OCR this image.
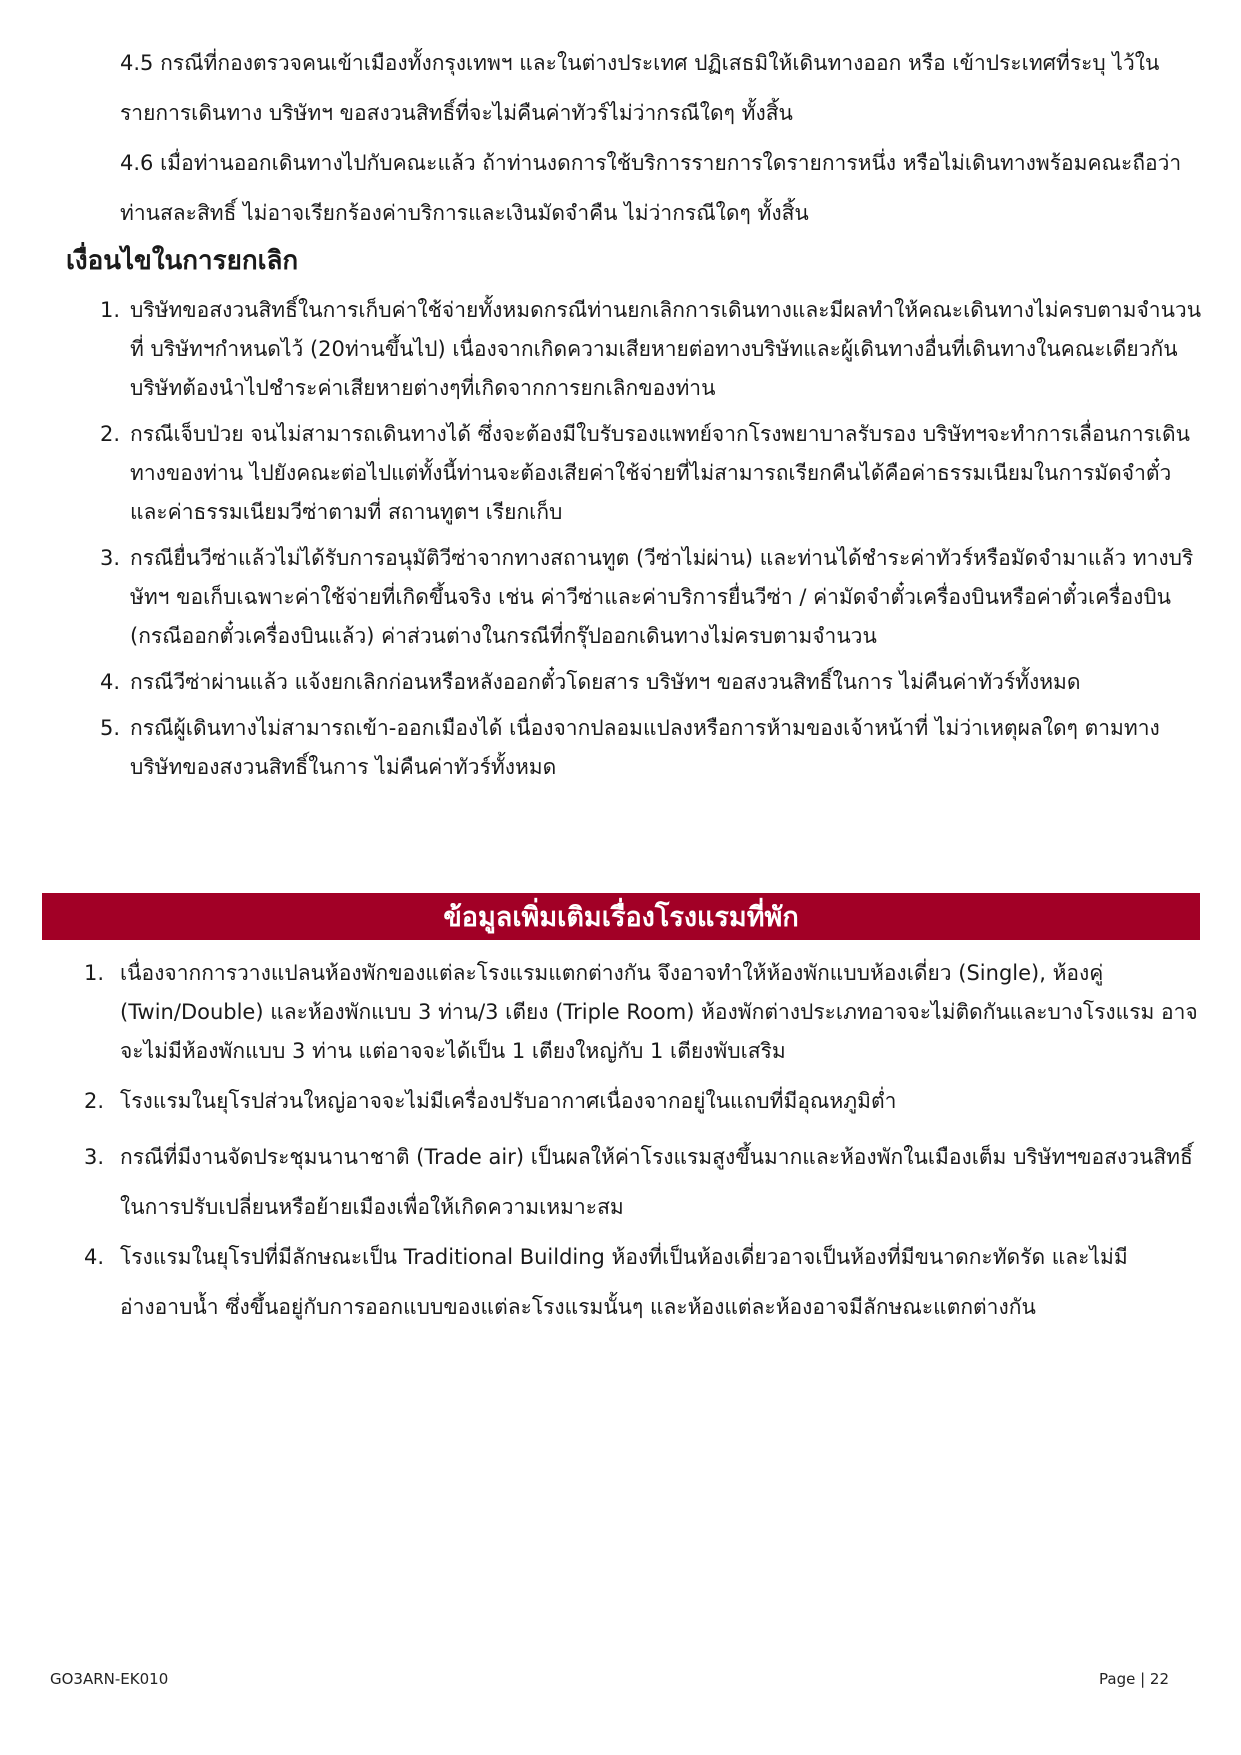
4.5 กรณีที่กองตรวจคนเข้าเมืองทั้งกรุงเทพฯ และในต่างประเทศ ปฏิเสธมิให้เดินทางออก หรือ เข้าประเทศที่ระบุ ไว้ในรายการเดินทาง บริษัทฯ ขอสงวนสิทธิ์ที่จะไม่คืนค่าทัวร์ไม่ว่ากรณีใดๆ ทั้งสิ้น

4.6 เมื่อท่านออกเดินทางไปกับคณะแล้ว ถ้าท่านงดการใช้บริการรายการใดรายการหนึ่ง หรือไม่เดินทางพร้อมคณะถือว่าท่านสละสิทธิ์ ไม่อาจเรียกร้องค่าบริการและเงินมัดจำคืน ไม่ว่ากรณีใดๆ ทั้งสิ้น

เงื่อนไขในการยกเลิก
1. บริษัทขอสงวนสิทธิ์ในการเก็บค่าใช้จ่ายทั้งหมดกรณีท่านยกเลิกการเดินทางและมีผลทำให้คณะเดินทางไม่ครบตามจำนวนที่ บริษัทฯกำหนดไว้ (20ท่านขึ้นไป) เนื่องจากเกิดความเสียหายต่อทางบริษัทและผู้เดินทางอื่นที่เดินทางในคณะเดียวกันบริษัทต้องนำไปชำระค่าเสียหายต่างๆที่เกิดจากการยกเลิกของท่าน
2. กรณีเจ็บป่วย จนไม่สามารถเดินทางได้ ซึ่งจะต้องมีใบรับรองแพทย์จากโรงพยาบาลรับรอง บริษัทฯจะทำการเลื่อนการเดินทางของท่าน ไปยังคณะต่อไปแต่ทั้งนี้ท่านจะต้องเสียค่าใช้จ่ายที่ไม่สามารถเรียกคืนได้คือค่าธรรมเนียมในการมัดจำตั๋ว และค่าธรรมเนียมวีซ่าตามที่ สถานทูตฯ เรียกเก็บ
3. กรณียื่นวีซ่าแล้วไม่ได้รับการอนุมัติวีซ่าจากทางสถานทูต (วีซ่าไม่ผ่าน) และท่านได้ชำระค่าทัวร์หรือมัดจำมาแล้ว ทางบริษัทฯ ขอเก็บเฉพาะค่าใช้จ่ายที่เกิดขึ้นจริง เช่น ค่าวีซ่าและค่าบริการยื่นวีซ่า / ค่ามัดจำตั๋วเครื่องบินหรือค่าตั๋วเครื่องบิน (กรณีออกตั๋วเครื่องบินแล้ว) ค่าส่วนต่างในกรณีที่กรุ๊ปออกเดินทางไม่ครบตามจำนวน
4. กรณีวีซ่าผ่านแล้ว แจ้งยกเลิกก่อนหรือหลังออกตั๋วโดยสาร บริษัทฯ ขอสงวนสิทธิ์ในการ ไม่คืนค่าทัวร์ทั้งหมด
5. กรณีผู้เดินทางไม่สามารถเข้า-ออกเมืองได้ เนื่องจากปลอมแปลงหรือการห้ามของเจ้าหน้าที่ ไม่ว่าเหตุผลใดๆ ตามทางบริษัทของสงวนสิทธิ์ในการ ไม่คืนค่าทัวร์ทั้งหมด
ข้อมูลเพิ่มเติมเรื่องโรงแรมที่พัก
1. เนื่องจากการวางแปลนห้องพักของแต่ละโรงแรมแตกต่างกัน จึงอาจทำให้ห้องพักแบบห้องเดี่ยว (Single), ห้องคู่ (Twin/Double) และห้องพักแบบ 3 ท่าน/3 เตียง (Triple Room) ห้องพักต่างประเภทอาจจะไม่ติดกันและบางโรงแรม อาจจะไม่มีห้องพักแบบ 3 ท่าน แต่อาจจะได้เป็น 1 เตียงใหญ่กับ 1 เตียงพับเสริม
2. โรงแรมในยุโรปส่วนใหญ่อาจจะไม่มีเครื่องปรับอากาศเนื่องจากอยู่ในแถบที่มีอุณหภูมิต่ำ
3. กรณีที่มีงานจัดประชุมนานาชาติ (Trade air) เป็นผลให้ค่าโรงแรมสูงขึ้นมากและห้องพักในเมืองเต็ม บริษัทฯขอสงวนสิทธิ์ในการปรับเปลี่ยนหรือย้ายเมืองเพื่อให้เกิดความเหมาะสม
4. โรงแรมในยุโรปที่มีลักษณะเป็น Traditional Building ห้องที่เป็นห้องเดี่ยวอาจเป็นห้องที่มีขนาดกะทัดรัด และไม่มีอ่างอาบน้ำ ซึ่งขึ้นอยู่กับการออกแบบของแต่ละโรงแรมนั้นๆ และห้องแต่ละห้องอาจมีลักษณะแตกต่างกัน
GO3ARN-EK010	Page | 22
